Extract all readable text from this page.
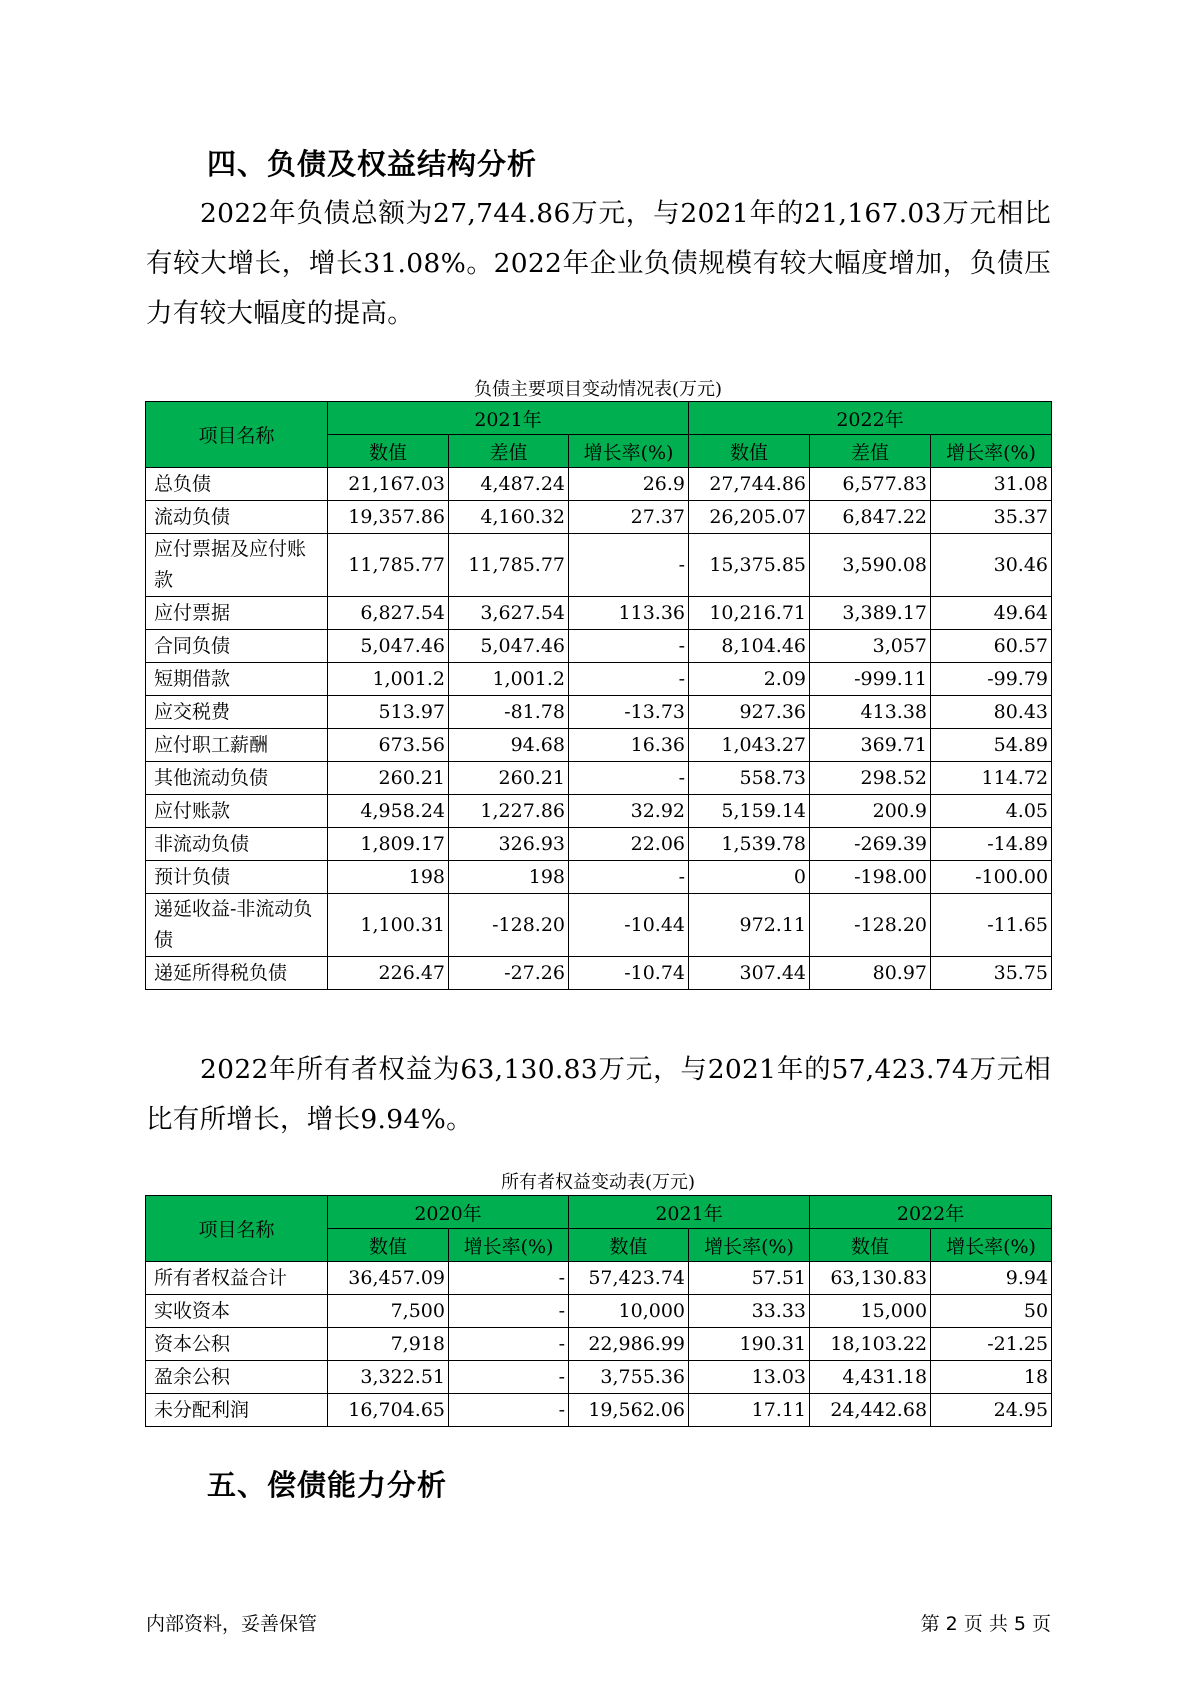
四、负债及权益结构分析

2022年负债总额为27,744.86万元，与2021年的21,167.03万元相比有较大增长，增长31.08%。2022年企业负债规模有较大幅度增加，负债压力有较大幅度的提高。

负债主要项目变动情况表(万元)

项目名称	2021年			2022年		
	数值	差值	增长率(%)	数值	差值	增长率(%)
总负债	21,167.03	4,487.24	26.9	27,744.86	6,577.83	31.08
流动负债	19,357.86	4,160.32	27.37	26,205.07	6,847.22	35.37
应付票据及应付账款	11,785.77	11,785.77	-	15,375.85	3,590.08	30.46
应付票据	6,827.54	3,627.54	113.36	10,216.71	3,389.17	49.64
合同负债	5,047.46	5,047.46	-	8,104.46	3,057	60.57
短期借款	1,001.2	1,001.2	-	2.09	-999.11	-99.79
应交税费	513.97	-81.78	-13.73	927.36	413.38	80.43
应付职工薪酬	673.56	94.68	16.36	1,043.27	369.71	54.89
其他流动负债	260.21	260.21	-	558.73	298.52	114.72
应付账款	4,958.24	1,227.86	32.92	5,159.14	200.9	4.05
非流动负债	1,809.17	326.93	22.06	1,539.78	-269.39	-14.89
预计负债	198	198	-	0	-198.00	-100.00
递延收益-非流动负债	1,100.31	-128.20	-10.44	972.11	-128.20	-11.65
递延所得税负债	226.47	-27.26	-10.74	307.44	80.97	35.75

2022年所有者权益为63,130.83万元，与2021年的57,423.74万元相比有所增长，增长9.94%。

所有者权益变动表(万元)

项目名称	2020年		2021年		2022年	
	数值	增长率(%)	数值	增长率(%)	数值	增长率(%)
所有者权益合计	36,457.09	-	57,423.74	57.51	63,130.83	9.94
实收资本	7,500	-	10,000	33.33	15,000	50
资本公积	7,918	-	22,986.99	190.31	18,103.22	-21.25
盈余公积	3,322.51	-	3,755.36	13.03	4,431.18	18
未分配利润	16,704.65	-	19,562.06	17.11	24,442.68	24.95
五、偿债能力分析

内部资料，妥善保管	第 2 页 共 5 页
